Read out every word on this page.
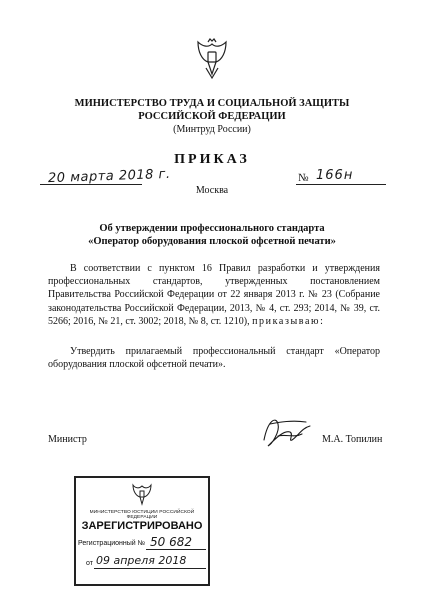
МИНИСТЕРСТВО ТРУДА И СОЦИАЛЬНОЙ ЗАЩИТЫ
РОССИЙСКОЙ ФЕДЕРАЦИИ
(Минтруд России)
ПРИКАЗ
20 марта 2018 г.	№ 166н
Москва
Об утверждении профессионального стандарта
«Оператор оборудования плоской офсетной печати»
В соответствии с пунктом 16 Правил разработки и утверждения профессиональных стандартов, утвержденных постановлением Правительства Российской Федерации от 22 января 2013 г. № 23 (Собрание законодательства Российской Федерации, 2013, № 4, ст. 293; 2014, № 39, ст. 5266; 2016, № 21, ст. 3002; 2018, № 8, ст. 1210), приказываю:
Утвердить прилагаемый профессиональный стандарт «Оператор оборудования плоской офсетной печати».
Министр	М.А. Топилин
МИНИСТЕРСТВО ЮСТИЦИИ РОССИЙСКОЙ ФЕДЕРАЦИИ
ЗАРЕГИСТРИРОВАНО
Регистрационный № 50 682
от 09 апреля 2018
